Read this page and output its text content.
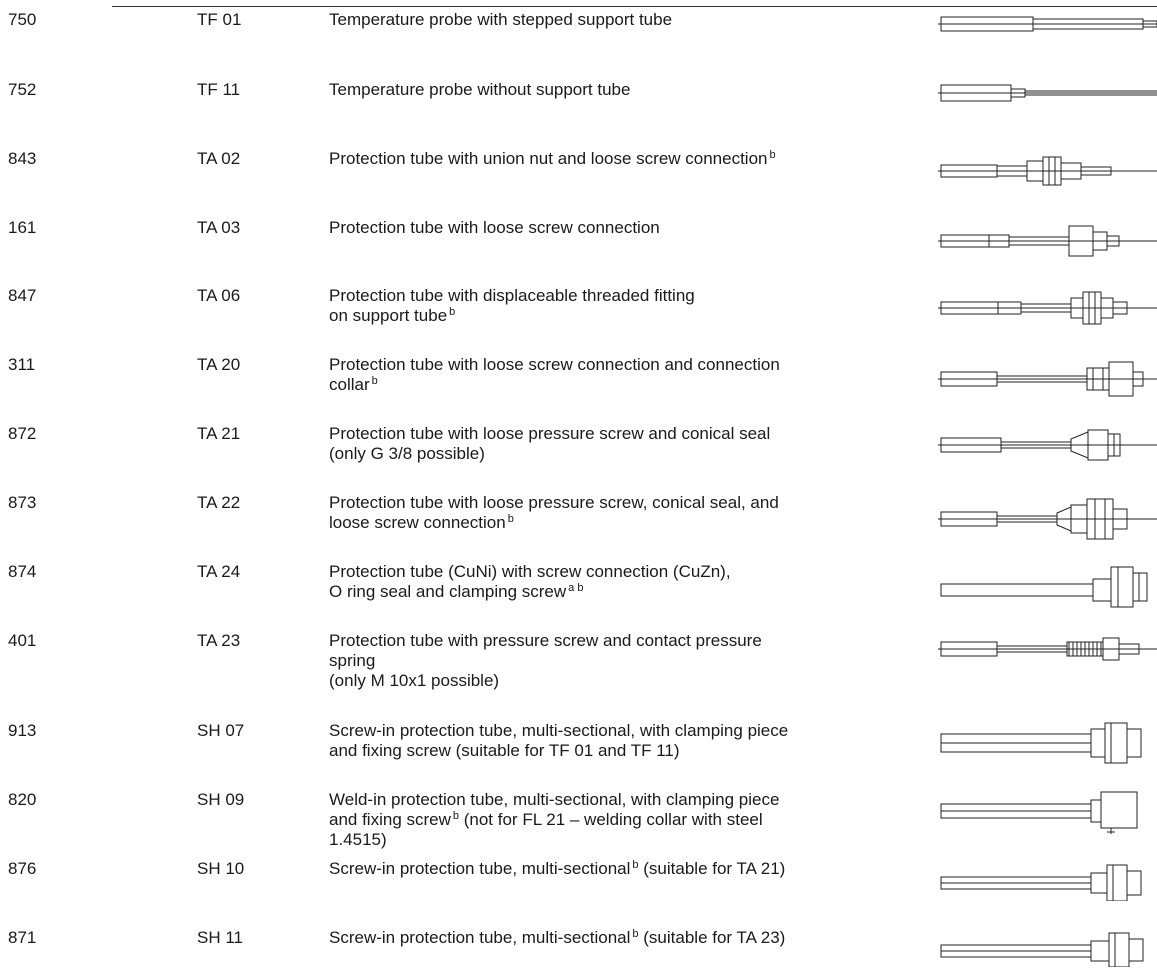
750	TF 01	Temperature probe with stepped support tube
752	TF 11	Temperature probe without support tube
843	TA 02	Protection tube with union nut and loose screw connection $^b$
161	TA 03	Protection tube with loose screw connection
847	TA 06	Protection tube with displaceable threaded fitting
on support tube $^b$
311	TA 20	Protection tube with loose screw connection and connection
collar $^b$
872	TA 21	Protection tube with loose pressure screw and conical seal
(only G 3/8 possible)
873	TA 22	Protection tube with loose pressure screw, conical seal, and
loose screw connection $^b$
874	TA 24	Protection tube (CuNi) with screw connection (CuZn),
O ring seal and clamping screw $^{a b}$
401	TA 23	Protection tube with pressure screw and contact pressure
spring
(only M 10x1 possible)
913	SH 07	Screw-in protection tube, multi-sectional, with clamping piece
and fixing screw (suitable for TF 01 and TF 11)
820	SH 09	Weld-in protection tube, multi-sectional, with clamping piece
and fixing screw $^b$ (not for FL 21 – welding collar with steel
1.4515)
876	SH 10	Screw-in protection tube, multi-sectional $^b$ (suitable for TA 21)
871	SH 11	Screw-in protection tube, multi-sectional $^b$ (suitable for TA 23)
